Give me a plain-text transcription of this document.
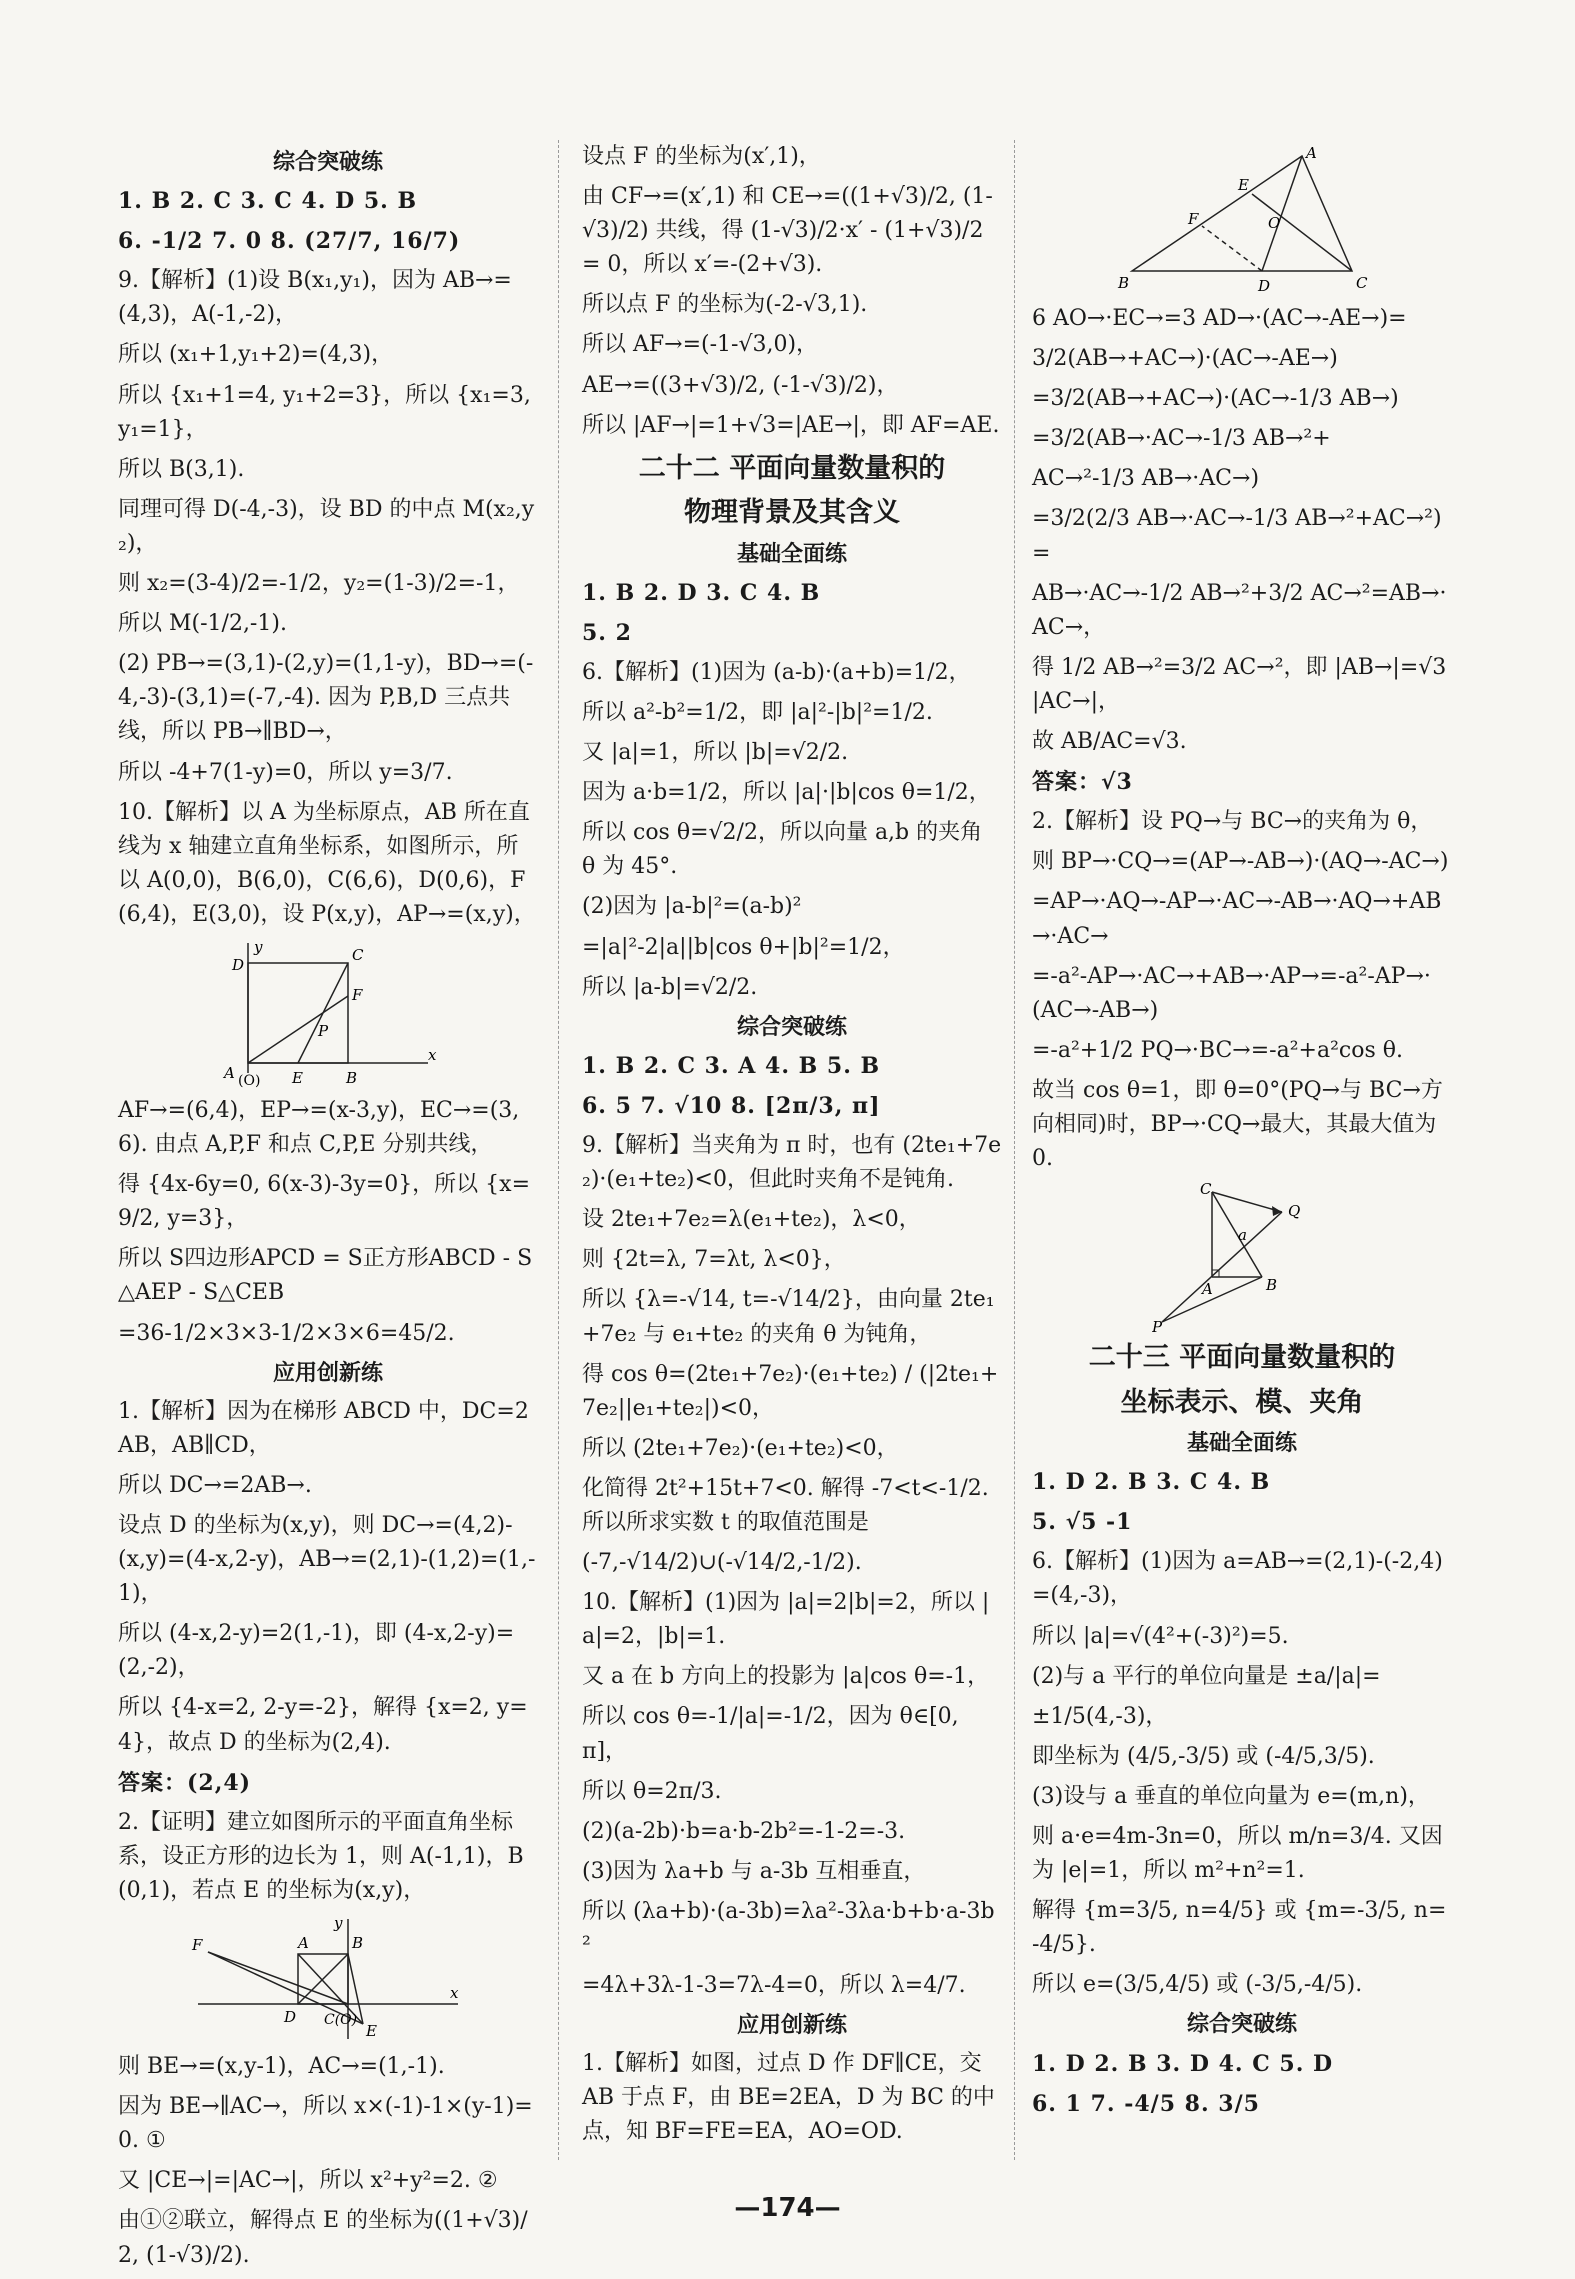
综合突破练
1. B 2. C 3. C 4. D 5. B
6. -1/2 7. 0 8. (27/7, 16/7)
9.【解析】(1)设 B(x₁,y₁)，因为 AB→=(4,3)，A(-1,-2)，
所以 (x₁+1,y₁+2)=(4,3)，
所以 {x₁+1=4, y₁+2=3}，所以 {x₁=3, y₁=1}，
所以 B(3,1).
同理可得 D(-4,-3)，设 BD 的中点 M(x₂,y₂)，
则 x₂=(3-4)/2=-1/2，y₂=(1-3)/2=-1，
所以 M(-1/2,-1).
(2) PB→=(3,1)-(2,y)=(1,1-y)，BD→=(-4,-3)-(3,1)=(-7,-4). 因为 P,B,D 三点共线，所以 PB→∥BD→，
所以 -4+7(1-y)=0，所以 y=3/7.
10.【解析】以 A 为坐标原点，AB 所在直线为 x 轴建立直角坐标系，如图所示，所以 A(0,0)，B(6,0)，C(6,6)，D(0,6)，F(6,4)，E(3,0)，设 P(x,y)，AP→=(x,y)，
D
C
F
P
A (O) E	B
x
y
AF→=(6,4)，EP→=(x-3,y)，EC→=(3,6). 由点 A,P,F 和点 C,P,E 分别共线，
得 {4x-6y=0, 6(x-3)-3y=0}，所以 {x=9/2, y=3}，
所以 S四边形APCD = S正方形ABCD - S△AEP - S△CEB
=36-1/2×3×3-1/2×3×6=45/2.
应用创新练
1.【解析】因为在梯形 ABCD 中，DC=2AB，AB∥CD，
所以 DC→=2AB→.
设点 D 的坐标为(x,y)，则 DC→=(4,2)-(x,y)=(4-x,2-y)，AB→=(2,1)-(1,2)=(1,-1)，
所以 (4-x,2-y)=2(1,-1)，即 (4-x,2-y)=(2,-2)，
所以 {4-x=2, 2-y=-2}，解得 {x=2, y=4}，故点 D 的坐标为(2,4).
答案：(2,4)
2.【证明】建立如图所示的平面直角坐标系，设正方形的边长为 1，则 A(-1,1)，B(0,1)，若点 E 的坐标为(x,y)，
F	A	B
D C(O)
E
x
y
则 BE→=(x,y-1)，AC→=(1,-1).
因为 BE→∥AC→，所以 x×(-1)-1×(y-1)=0. ①
又 |CE→|=|AC→|，所以 x²+y²=2. ②
由①②联立，解得点 E 的坐标为((1+√3)/2, (1-√3)/2).
设点 F 的坐标为(x′,1)，
由 CF→=(x′,1) 和 CE→=((1+√3)/2, (1-√3)/2) 共线，得 (1-√3)/2·x′ - (1+√3)/2 = 0，所以 x′=-(2+√3).
所以点 F 的坐标为(-2-√3,1).
所以 AF→=(-1-√3,0)，
AE→=((3+√3)/2, (-1-√3)/2)，
所以 |AF→|=1+√3=|AE→|，即 AF=AE.
二十二 平面向量数量积的
物理背景及其含义
基础全面练
1. B 2. D 3. C 4. B
5. 2
6.【解析】(1)因为 (a-b)·(a+b)=1/2，
所以 a²-b²=1/2，即 |a|²-|b|²=1/2.
又 |a|=1，所以 |b|=√2/2.
因为 a·b=1/2，所以 |a|·|b|cos θ=1/2，
所以 cos θ=√2/2，所以向量 a,b 的夹角 θ 为 45°.
(2)因为 |a-b|²=(a-b)²
=|a|²-2|a||b|cos θ+|b|²=1/2，
所以 |a-b|=√2/2.
综合突破练
1. B 2. C 3. A 4. B 5. B
6. 5 7. √10 8. [2π/3, π]
9.【解析】当夹角为 π 时，也有 (2te₁+7e₂)·(e₁+te₂)<0，但此时夹角不是钝角.
设 2te₁+7e₂=λ(e₁+te₂)，λ<0，
则 {2t=λ, 7=λt, λ<0}，
所以 {λ=-√14, t=-√14/2}，由向量 2te₁+7e₂ 与 e₁+te₂ 的夹角 θ 为钝角，
得 cos θ=(2te₁+7e₂)·(e₁+te₂) / (|2te₁+7e₂||e₁+te₂|)<0，
所以 (2te₁+7e₂)·(e₁+te₂)<0，
化简得 2t²+15t+7<0. 解得 -7<t<-1/2. 所以所求实数 t 的取值范围是
(-7,-√14/2)∪(-√14/2,-1/2).
10.【解析】(1)因为 |a|=2|b|=2，所以 |a|=2，|b|=1.
又 a 在 b 方向上的投影为 |a|cos θ=-1，
所以 cos θ=-1/|a|=-1/2，因为 θ∈[0,π]，
所以 θ=2π/3.
(2)(a-2b)·b=a·b-2b²=-1-2=-3.
(3)因为 λa+b 与 a-3b 互相垂直，
所以 (λa+b)·(a-3b)=λa²-3λa·b+b·a-3b²
=4λ+3λ-1-3=7λ-4=0，所以 λ=4/7.
应用创新练
1.【解析】如图，过点 D 作 DF∥CE，交 AB 于点 F，由 BE=2EA，D 为 BC 的中点，知 BF=FE=EA，AO=OD.
A
E
F	O
B	D	C
6 AO→·EC→=3 AD→·(AC→-AE→)=
3/2(AB→+AC→)·(AC→-AE→)
=3/2(AB→+AC→)·(AC→-1/3 AB→)
=3/2(AB→·AC→-1/3 AB→²+
AC→²-1/3 AB→·AC→)
=3/2(2/3 AB→·AC→-1/3 AB→²+AC→²)=
AB→·AC→-1/2 AB→²+3/2 AC→²=AB→·AC→，
得 1/2 AB→²=3/2 AC→²，即 |AB→|=√3|AC→|，
故 AB/AC=√3.
答案：√3
2.【解析】设 PQ→与 BC→的夹角为 θ，
则 BP→·CQ→=(AP→-AB→)·(AQ→-AC→)
=AP→·AQ→-AP→·AC→-AB→·AQ→+AB→·AC→
=-a²-AP→·AC→+AB→·AP→=-a²-AP→·(AC→-AB→)
=-a²+1/2 PQ→·BC→=-a²+a²cos θ.
故当 cos θ=1，即 θ=0°(PQ→与 BC→方向相同)时，BP→·CQ→最大，其最大值为 0.
C
Q
a
A	B
P
二十三 平面向量数量积的
坐标表示、模、夹角
基础全面练
1. D 2. B 3. C 4. B
5. √5 -1
6.【解析】(1)因为 a=AB→=(2,1)-(-2,4)=(4,-3)，
所以 |a|=√(4²+(-3)²)=5.
(2)与 a 平行的单位向量是 ±a/|a|=
±1/5(4,-3)，
即坐标为 (4/5,-3/5) 或 (-4/5,3/5).
(3)设与 a 垂直的单位向量为 e=(m,n)，
则 a·e=4m-3n=0，所以 m/n=3/4. 又因为 |e|=1，所以 m²+n²=1.
解得 {m=3/5, n=4/5} 或 {m=-3/5, n=-4/5}.
所以 e=(3/5,4/5) 或 (-3/5,-4/5).
综合突破练
1. D 2. B 3. D 4. C 5. D
6. 1 7. -4/5 8. 3/5
—174—
